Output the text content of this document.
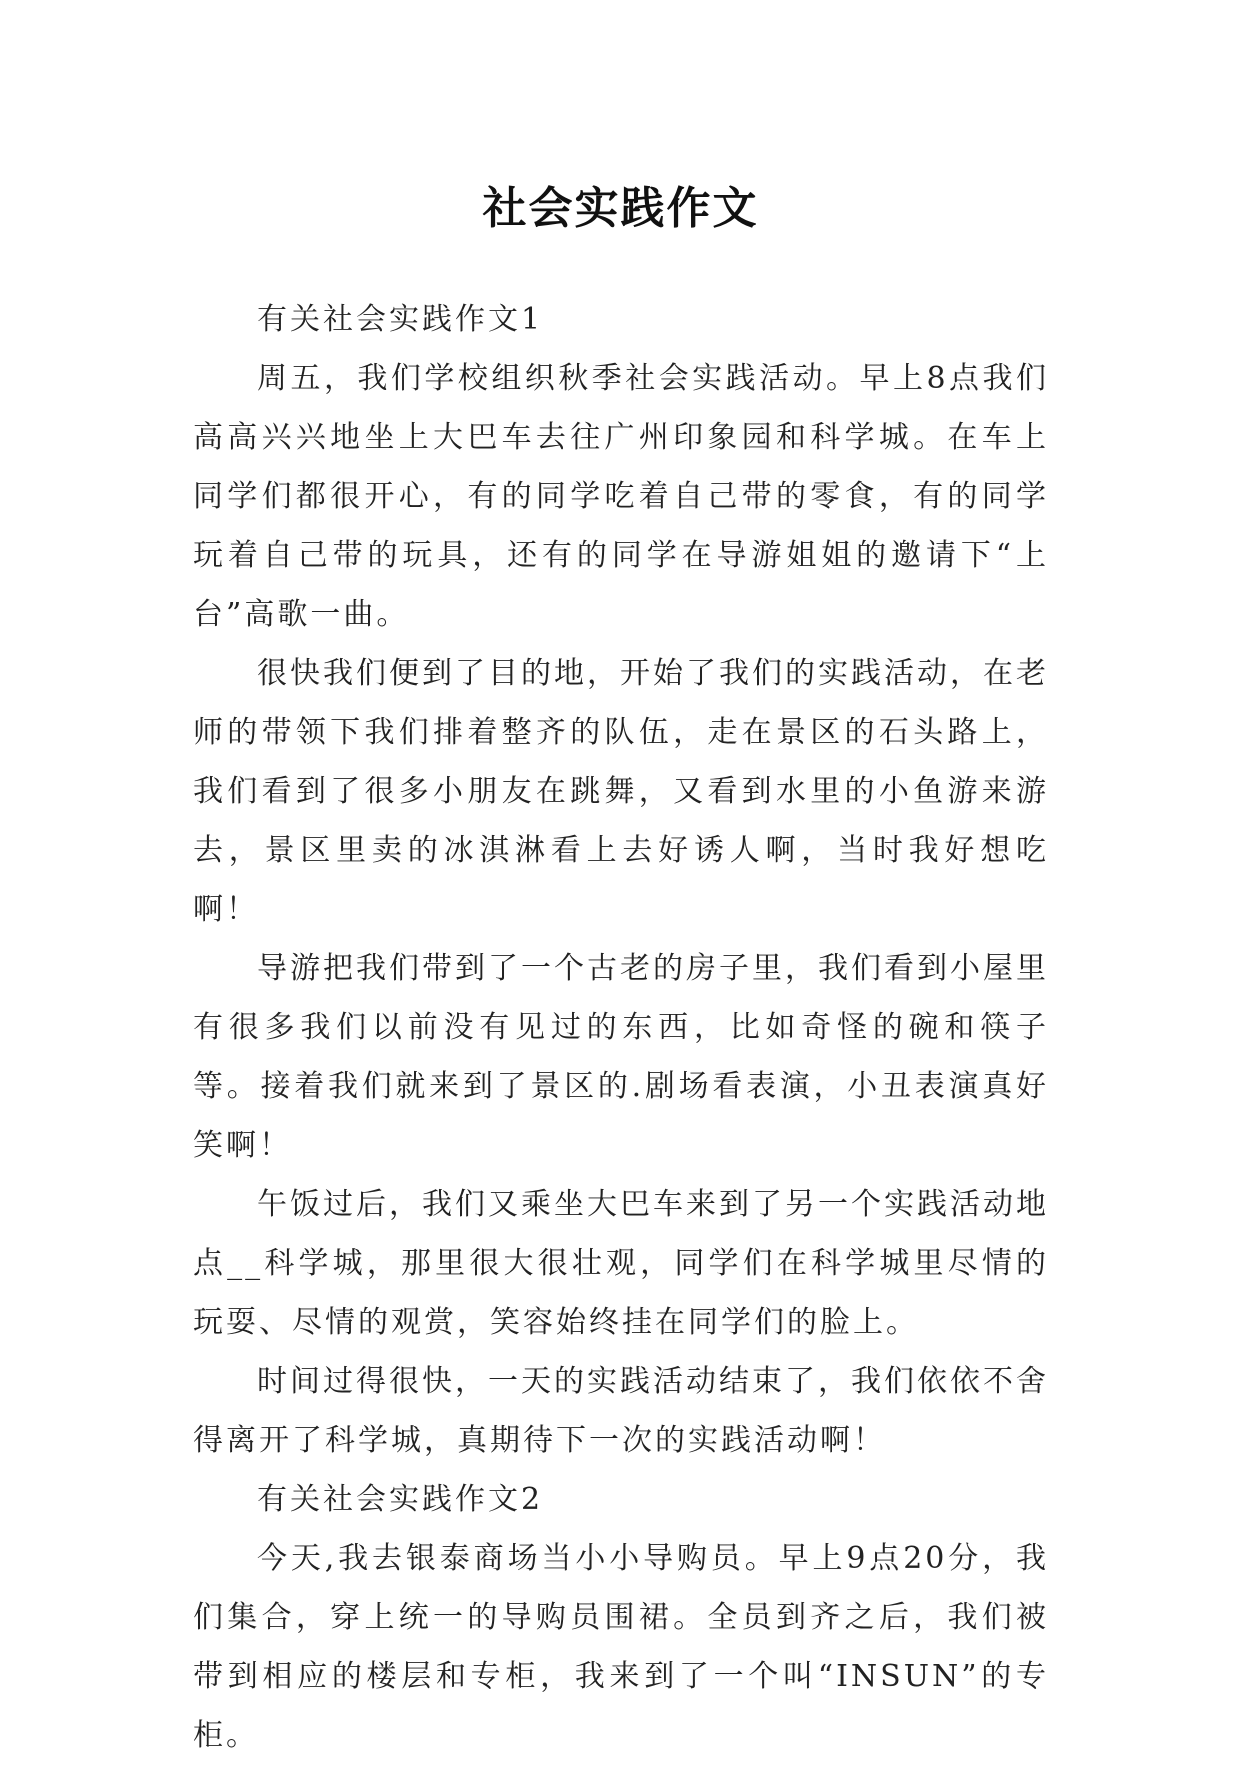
社会实践作文

有关社会实践作文1

周五，我们学校组织秋季社会实践活动。早上8点我们高高兴兴地坐上大巴车去往广州印象园和科学城。在车上同学们都很开心，有的同学吃着自己带的零食，有的同学玩着自己带的玩具，还有的同学在导游姐姐的邀请下“上台”高歌一曲。

很快我们便到了目的地，开始了我们的实践活动，在老师的带领下我们排着整齐的队伍，走在景区的石头路上，我们看到了很多小朋友在跳舞，又看到水里的小鱼游来游去，景区里卖的冰淇淋看上去好诱人啊，当时我好想吃啊！

导游把我们带到了一个古老的房子里，我们看到小屋里有很多我们以前没有见过的东西，比如奇怪的碗和筷子等。接着我们就来到了景区的.剧场看表演，小丑表演真好笑啊！

午饭过后，我们又乘坐大巴车来到了另一个实践活动地点__科学城，那里很大很壮观，同学们在科学城里尽情的玩耍、尽情的观赏，笑容始终挂在同学们的脸上。

时间过得很快，一天的实践活动结束了，我们依依不舍得离开了科学城，真期待下一次的实践活动啊！

有关社会实践作文2

今天,我去银泰商场当小小导购员。早上9点20分，我们集合，穿上统一的导购员围裙。全员到齐之后，我们被带到相应的楼层和专柜，我来到了一个叫“INSUN”的专柜。
